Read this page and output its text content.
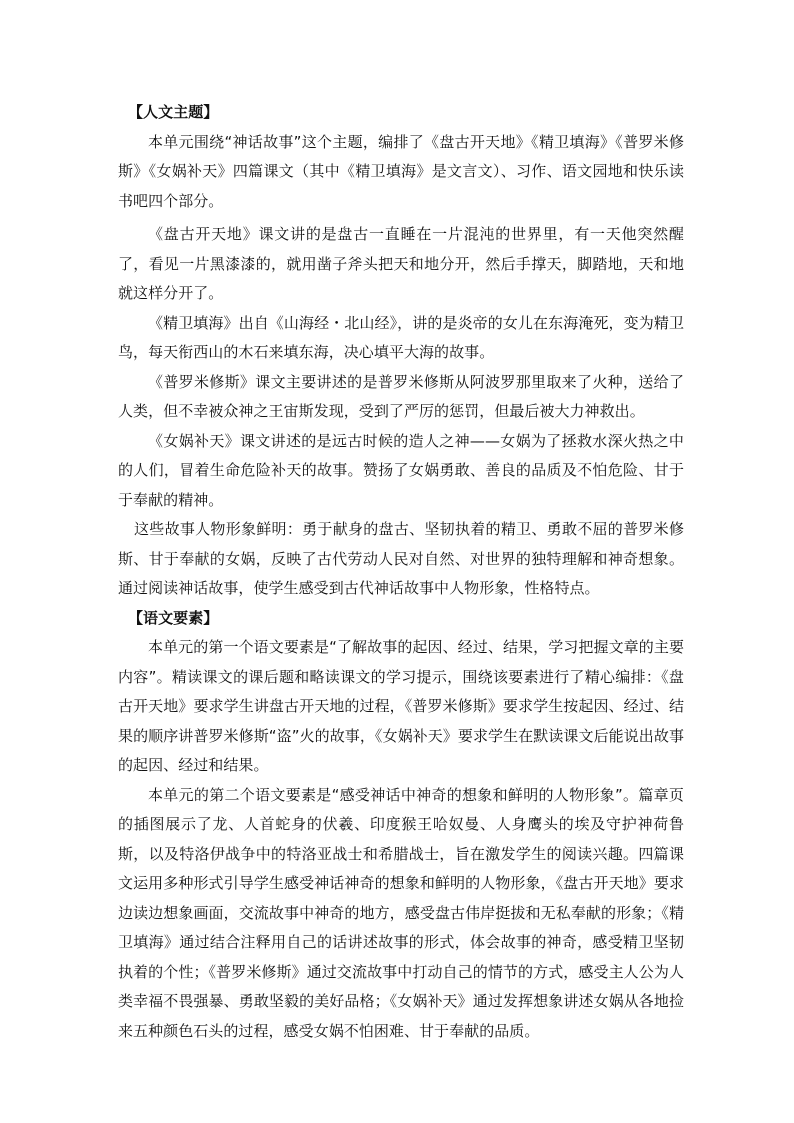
【人文主题】

本单元围绕“神话故事”这个主题，编排了《盘古开天地》《精卫填海》《普罗米修斯》《女娲补天》四篇课文（其中《精卫填海》是文言文）、习作、语文园地和快乐读书吧四个部分。

《盘古开天地》课文讲的是盘古一直睡在一片混沌的世界里，有一天他突然醒了，看见一片黑漆漆的，就用凿子斧头把天和地分开，然后手撑天，脚踏地，天和地就这样分开了。

《精卫填海》出自《山海经・北山经》，讲的是炎帝的女儿在东海淹死，变为精卫鸟，每天衔西山的木石来填东海，决心填平大海的故事。

《普罗米修斯》课文主要讲述的是普罗米修斯从阿波罗那里取来了火种，送给了人类，但不幸被众神之王宙斯发现，受到了严厉的惩罚，但最后被大力神救出。

《女娲补天》课文讲述的是远古时候的造人之神——女娲为了拯救水深火热之中的人们，冒着生命危险补天的故事。赞扬了女娲勇敢、善良的品质及不怕危险、甘于于奉献的精神。

这些故事人物形象鲜明：勇于献身的盘古、坚韧执着的精卫、勇敢不屈的普罗米修斯、甘于奉献的女娲，反映了古代劳动人民对自然、对世界的独特理解和神奇想象。通过阅读神话故事，使学生感受到古代神话故事中人物形象，性格特点。

【语文要素】

本单元的第一个语文要素是“了解故事的起因、经过、结果，学习把握文章的主要内容”。精读课文的课后题和略读课文的学习提示，围绕该要素进行了精心编排：《盘古开天地》要求学生讲盘古开天地的过程，《普罗米修斯》要求学生按起因、经过、结果的顺序讲普罗米修斯“盗”火的故事，《女娲补天》要求学生在默读课文后能说出故事的起因、经过和结果。

本单元的第二个语文要素是“感受神话中神奇的想象和鲜明的人物形象”。篇章页的插图展示了龙、人首蛇身的伏羲、印度猴王哈奴曼、人身鹰头的埃及守护神荷鲁斯，以及特洛伊战争中的特洛亚战士和希腊战士，旨在激发学生的阅读兴趣。四篇课文运用多种形式引导学生感受神话神奇的想象和鲜明的人物形象，《盘古开天地》要求边读边想象画面，交流故事中神奇的地方，感受盘古伟岸挺拔和无私奉献的形象；《精卫填海》通过结合注释用自己的话讲述故事的形式，体会故事的神奇，感受精卫坚韧执着的个性；《普罗米修斯》通过交流故事中打动自己的情节的方式，感受主人公为人类幸福不畏强暴、勇敢坚毅的美好品格；《女娲补天》通过发挥想象讲述女娲从各地捡来五种颜色石头的过程，感受女娲不怕困难、甘于奉献的品质。
